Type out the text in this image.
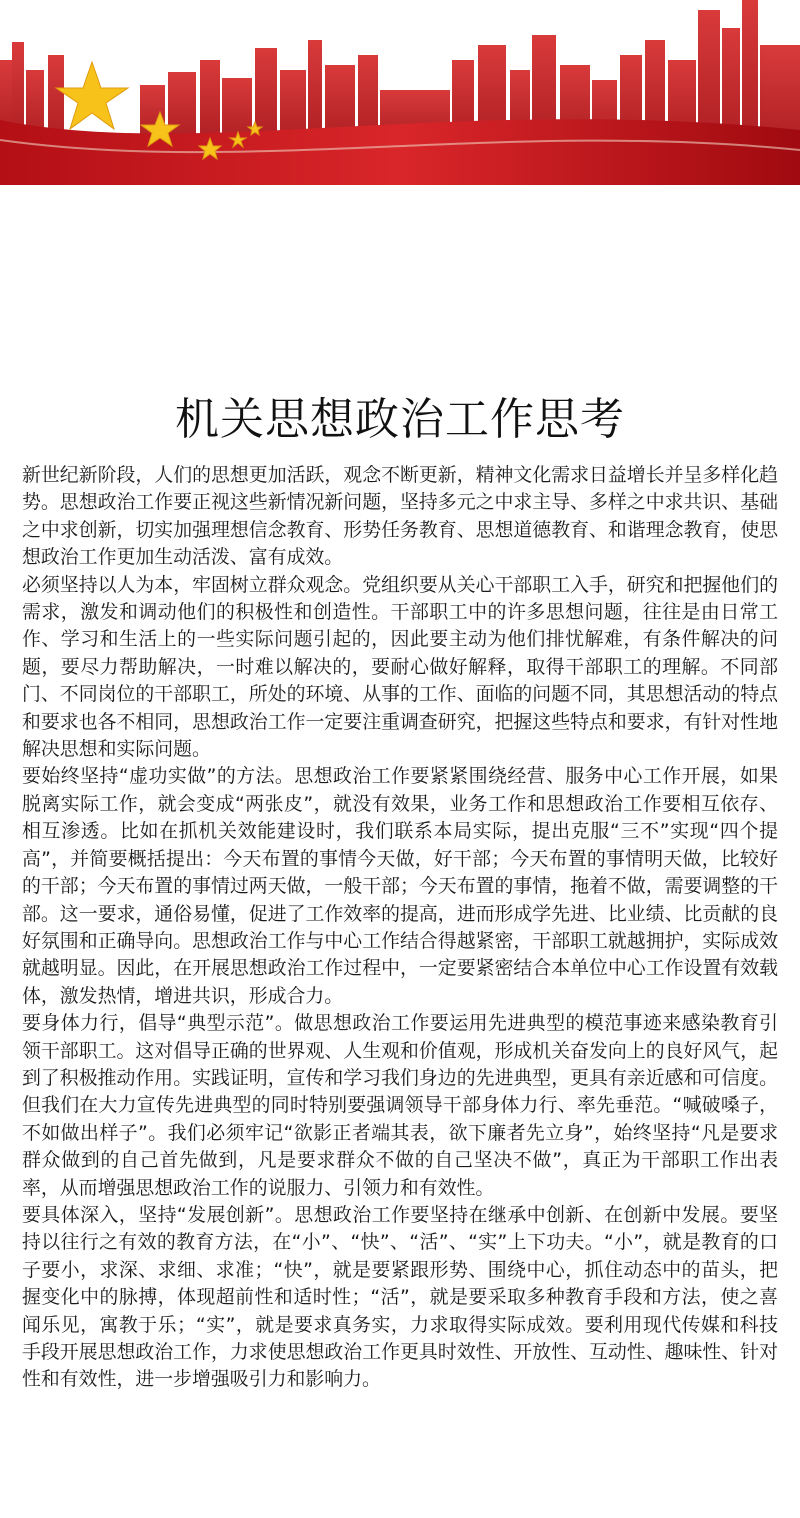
机关思想政治工作思考

新世纪新阶段，人们的思想更加活跃，观念不断更新，精神文化需求日益增长并呈多样化趋势。思想政治工作要正视这些新情况新问题，坚持多元之中求主导、多样之中求共识、基础之中求创新，切实加强理想信念教育、形势任务教育、思想道德教育、和谐理念教育，使思想政治工作更加生动活泼、富有成效。

必须坚持以人为本，牢固树立群众观念。党组织要从关心干部职工入手，研究和把握他们的需求，激发和调动他们的积极性和创造性。干部职工中的许多思想问题，往往是由日常工作、学习和生活上的一些实际问题引起的，因此要主动为他们排忧解难，有条件解决的问题，要尽力帮助解决，一时难以解决的，要耐心做好解释，取得干部职工的理解。不同部门、不同岗位的干部职工，所处的环境、从事的工作、面临的问题不同，其思想活动的特点和要求也各不相同，思想政治工作一定要注重调查研究，把握这些特点和要求，有针对性地解决思想和实际问题。

要始终坚持“虚功实做”的方法。思想政治工作要紧紧围绕经营、服务中心工作开展，如果脱离实际工作，就会变成“两张皮”，就没有效果，业务工作和思想政治工作要相互依存、相互渗透。比如在抓机关效能建设时，我们联系本局实际，提出克服“三不”实现“四个提高”，并简要概括提出：今天布置的事情今天做，好干部；今天布置的事情明天做，比较好的干部；今天布置的事情过两天做，一般干部；今天布置的事情，拖着不做，需要调整的干部。这一要求，通俗易懂，促进了工作效率的提高，进而形成学先进、比业绩、比贡献的良好氛围和正确导向。思想政治工作与中心工作结合得越紧密，干部职工就越拥护，实际成效就越明显。因此，在开展思想政治工作过程中，一定要紧密结合本单位中心工作设置有效载体，激发热情，增进共识，形成合力。

要身体力行，倡导“典型示范”。做思想政治工作要运用先进典型的模范事迹来感染教育引领干部职工。这对倡导正确的世界观、人生观和价值观，形成机关奋发向上的良好风气，起到了积极推动作用。实践证明，宣传和学习我们身边的先进典型，更具有亲近感和可信度。但我们在大力宣传先进典型的同时特别要强调领导干部身体力行、率先垂范。“喊破嗓子，不如做出样子”。我们必须牢记“欲影正者端其表，欲下廉者先立身”，始终坚持“凡是要求群众做到的自己首先做到，凡是要求群众不做的自己坚决不做”，真正为干部职工作出表率，从而增强思想政治工作的说服力、引领力和有效性。

要具体深入，坚持“发展创新”。思想政治工作要坚持在继承中创新、在创新中发展。要坚持以往行之有效的教育方法，在“小”、“快”、“活”、“实”上下功夫。“小”，就是教育的口子要小，求深、求细、求准；“快”，就是要紧跟形势、围绕中心，抓住动态中的苗头，把握变化中的脉搏，体现超前性和适时性；“活”，就是要采取多种教育手段和方法，使之喜闻乐见，寓教于乐；“实”，就是要求真务实，力求取得实际成效。要利用现代传媒和科技手段开展思想政治工作，力求使思想政治工作更具时效性、开放性、互动性、趣味性、针对性和有效性，进一步增强吸引力和影响力。
